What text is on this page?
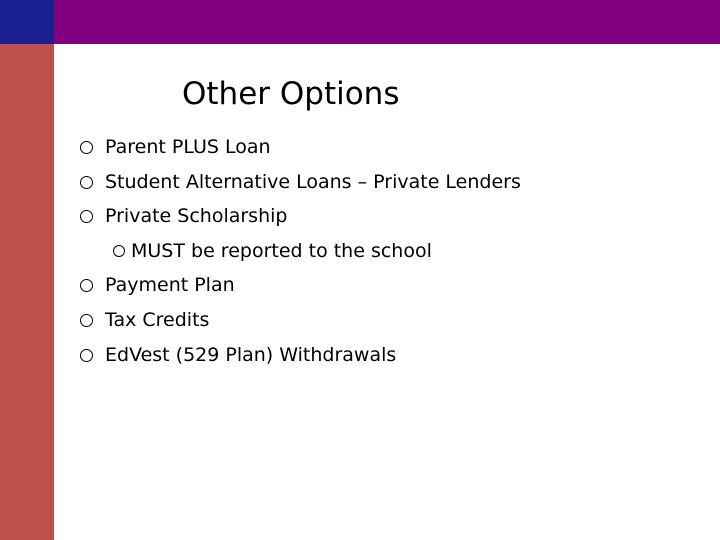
Other Options
Parent PLUS Loan
Student Alternative Loans – Private Lenders
Private Scholarship
MUST be reported to the school
Payment Plan
Tax Credits
EdVest (529 Plan) Withdrawals
